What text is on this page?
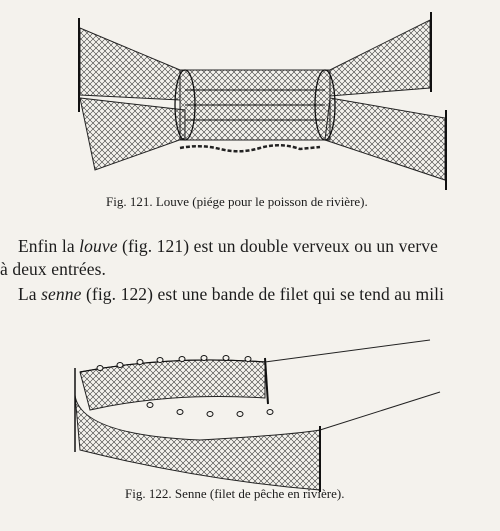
Fig. 121. Louve (piége pour le poisson de rivière).
Enfin la louve (fig. 121) est un double verveux ou un verve
à deux entrées.
La senne (fig. 122) est une bande de filet qui se tend au mili
Fig. 122. Senne (filet de pêche en rivière).
